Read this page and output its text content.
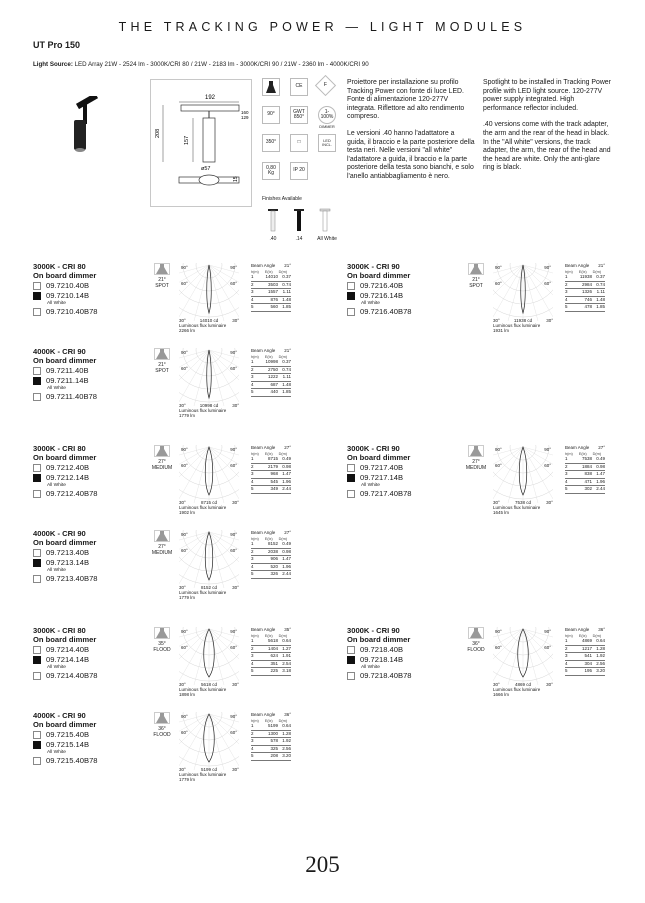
THE TRACKING POWER — LIGHT MODULES
UT Pro 150
Light Source: LED Array 21W - 2524 lm - 3000K/CRI 80 / 21W - 2183 lm - 3000K/CRI 90 / 21W - 2360 lm - 4000K/CRI 90
192
157
208
160
129
ø57
15
CE	F
90°	GWT 850°
1-100%
DIMMER
350°	□	LED INCL.
IP 20
0,80 Kg
Finishes Available
.40	.14	All White

Proiettore per installazione su profilo Tracking Power con fonte di luce LED. Fonte di alimentazione 120-277V integrata. Riflettore ad alto rendimento compreso.

Le versioni .40 hanno l'adattatore a guida, il braccio e la parte posteriore della testa neri. Nelle versioni "all white" l'adattatore a guida, il braccio e la parte posteriore della testa sono bianchi, e solo l'anello antiabbagliamento è nero.

Spotlight to be installed in Tracking Power profile with LED light source. 120-277V power supply integrated. High performance reflector included.

.40 versions come with the track adapter, the arm and the rear of the head in black. In the "All white" versions, the track adapter, the arm, the rear of the head and the head are white. Only the anti-glare ring is black.

3000K - CRI 80
On board dimmer
09.7210.40B
09.7210.14B
All White
09.7210.40B78
21°
SPOT
90°	90°
60°	60°
30°	14010 cd	30°
Luminous flux luminaire
2266 lm
Beam Angle 21°
h(m) E(lx) D(m)
1	14010 0.37
2	3503 0.74
3	1557	1.11
4	876 1.48
5	560 1.85
3000K - CRI 90
On board dimmer
09.7216.40B
09.7216.14B
All White
09.7216.40B78
21°
SPOT
90°	90°
60°	60°
30°	11938 cd	30°
Luminous flux luminaire
1931 lm
Beam Angle 21°
h(m) E(lx) D(m)
1	11938 0.37
2	2984 0.74
3	1326	1.11
4	746 1.48
5	478 1.85
4000K - CRI 90
On board dimmer
09.7211.40B
09.7211.14B
All White
09.7211.40B78
21°
SPOT
90°	90°
60°	60°
30°	10998 cd	30°
Luminous flux luminaire
1779 lm
Beam Angle 21°
h(m) E(lx) D(m)
1	10998 0.37
2	2750 0.74
3	1222	1.11
4	687 1.48
5	440 1.85
3000K - CRI 80
On board dimmer
09.7212.40B
09.7212.14B
All White
09.7212.40B78
27°
MEDIUM
90°	90°
60°	60°
30°	8715 cd	30°
Luminous flux luminaire
1902 lm
Beam Angle 27°
h(m) E(lx) D(m)
1	8715 0.49
2	2179 0.98
3	968 1.47
4	545 1.96
5	349 2.44
3000K - CRI 90
On board dimmer
09.7217.40B
09.7217.14B
All White
09.7217.40B78
27°
MEDIUM
90°	90°
60°	60°
30°	7538 cd	30°
Luminous flux luminaire
1645 lm
Beam Angle 27°
h(m) E(lx) D(m)
1	7538 0.49
2	1884 0.98
3	838 1.47
4	471 1.96
5	302 2.44
4000K - CRI 90
On board dimmer
09.7213.40B
09.7213.14B
All White
09.7213.40B78
27°
MEDIUM
90°	90°
60°	60°
30°	8152 cd	30°
Luminous flux luminaire
1779 lm
Beam Angle 27°
h(m) E(lx) D(m)
1	8152 0.49
2	2038 0.98
3	906 1.47
4	520 1.96
5	326 2.44
3000K - CRI 80
On board dimmer
09.7214.40B
09.7214.14B
All White
09.7214.40B78
35°
FLOOD
90°	90°
60°	60°
30°	5618 cd	30°
Luminous flux luminaire
1898 lm
Beam Angle 35°
h(m) E(lx) D(m)
1	5618 0.64
2	1404 1.27
3	624 1.91
4	351 2.54
5	225 3.18
3000K - CRI 90
On board dimmer
09.7218.40B
09.7218.14B
All White
09.7218.40B78
36°
FLOOD
90°	90°
60°	60°
30°	4869 cd	30°
Luminous flux luminaire
1666 lm
Beam Angle 36°
h(m) E(lx) D(m)
1	4869 0.64
2	1217 1.28
3	541 1.92
4	304 2.56
5	195 3.20
4000K - CRI 90
On board dimmer
09.7215.40B
09.7215.14B
All White
09.7215.40B78
36°
FLOOD
90°	90°
60°	60°
30°	5199 cd	30°
Luminous flux luminaire
1779 lm
Beam Angle 36°
h(m) E(lx) D(m)
1	5199 0.64
2	1300 1.28
3	578 1.92
4	325 2.56
5	208 3.20
205
